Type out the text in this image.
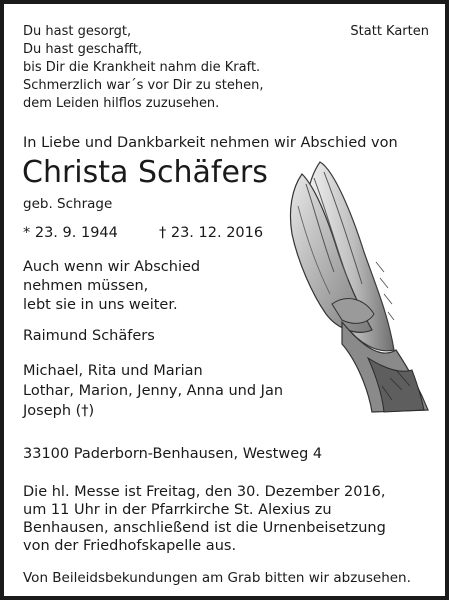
Du hast gesorgt,
Du hast geschafft,
bis Dir die Krankheit nahm die Kraft.
Schmerzlich war´s vor Dir zu stehen,
dem Leiden hilflos zuzusehen.
Statt Karten
In Liebe und Dankbarkeit nehmen wir Abschied von
Christa Schäfers
geb. Schrage
* 23. 9. 1944	† 23. 12. 2016
Auch wenn wir Abschied
nehmen müssen,
lebt sie in uns weiter.
Raimund Schäfers
Michael, Rita und Marian
Lothar, Marion, Jenny, Anna und Jan
Joseph (†)
33100 Paderborn-Benhausen, Westweg 4
Die hl. Messe ist Freitag, den 30. Dezember 2016,
um 11 Uhr in der Pfarrkirche St. Alexius zu
Benhausen, anschließend ist die Urnenbeisetzung
von der Friedhofskapelle aus.
Von Beileidsbekundungen am Grab bitten wir abzusehen.
